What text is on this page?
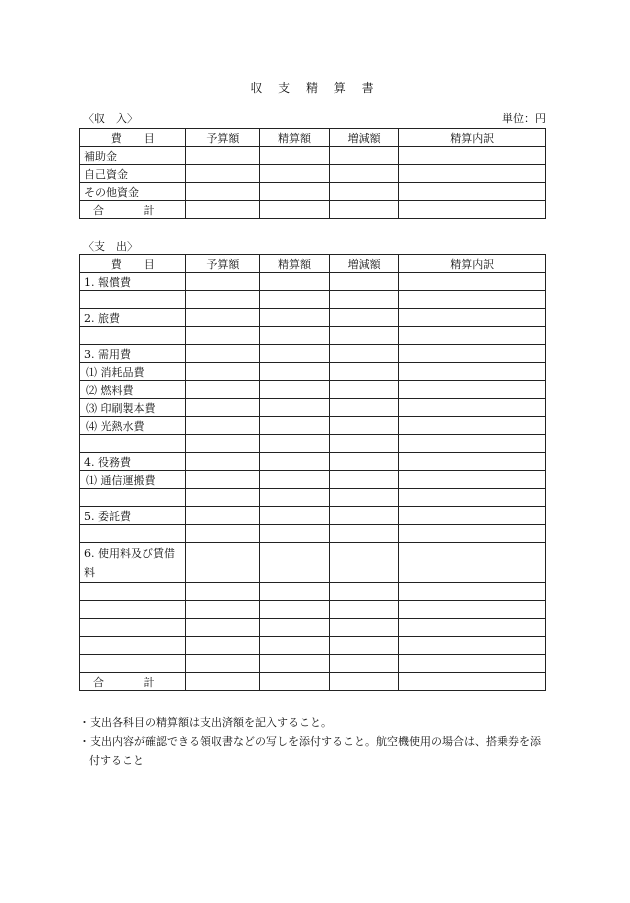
収 支 精 算 書
〈収　入〉	単位：円
費　　目	予算額	精算額	増減額	精算内訳
補助金				
自己資金				
その他資金				
合 計				
〈支　出〉
費　　目	予算額	精算額	増減額	精算内訳
1. 報償費				

2. 旅費				

3. 需用費				
⑴ 消耗品費				
⑵ 燃料費				
⑶ 印刷製本費				
⑷ 光熱水費				

4. 役務費				
⑴ 通信運搬費				

5. 委託費				

6. 使用料及び賃借料				

合 計				
・支出各科目の精算額は支出済額を記入すること。
・支出内容が確認できる領収書などの写しを添付すること。航空機使用の場合は、搭乗券を添付すること
